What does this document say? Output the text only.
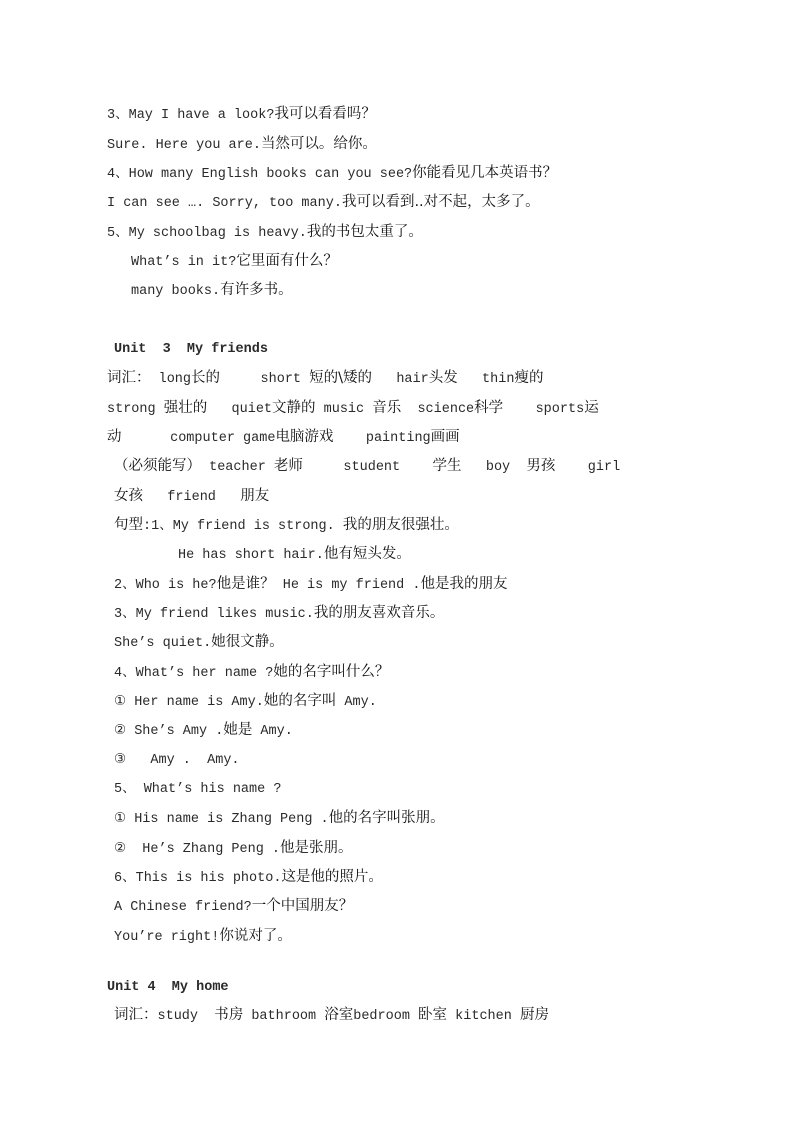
3、May I have a look?我可以看看吗？
Sure. Here you are.当然可以。给你。
4、How many English books can you see?你能看见几本英语书？
I can see …. Sorry, too many.我可以看到..对不起，太多了。
5、My schoolbag is heavy.我的书包太重了。
What’s in it?它里面有什么？
many books.有许多书。
Unit  3  My friends
词汇： long长的     short 短的\矮的   hair头发   thin瘦的
strong 强壮的   quiet文静的 music 音乐  science科学    sports运
动      computer game电脑游戏    painting画画
（必须能写） teacher 老师     student    学生   boy  男孩    girl
女孩   friend   朋友
句型:1、My friend is strong. 我的朋友很强壮。
He has short hair.他有短头发。
2、Who is he?他是谁？ He is my friend .他是我的朋友
3、My friend likes music.我的朋友喜欢音乐。
She’s quiet.她很文静。
4、What’s her name ?她的名字叫什么？
① Her name is Amy.她的名字叫 Amy.
② She’s Amy .她是 Amy.
③   Amy .  Amy.
5、 What’s his name ?
① His name is Zhang Peng .他的名字叫张朋。
②  He’s Zhang Peng .他是张朋。
6、This is his photo.这是他的照片。
A Chinese friend?一个中国朋友？
You’re right!你说对了。
Unit 4  My home
词汇：study  书房 bathroom 浴室bedroom 卧室 kitchen 厨房
